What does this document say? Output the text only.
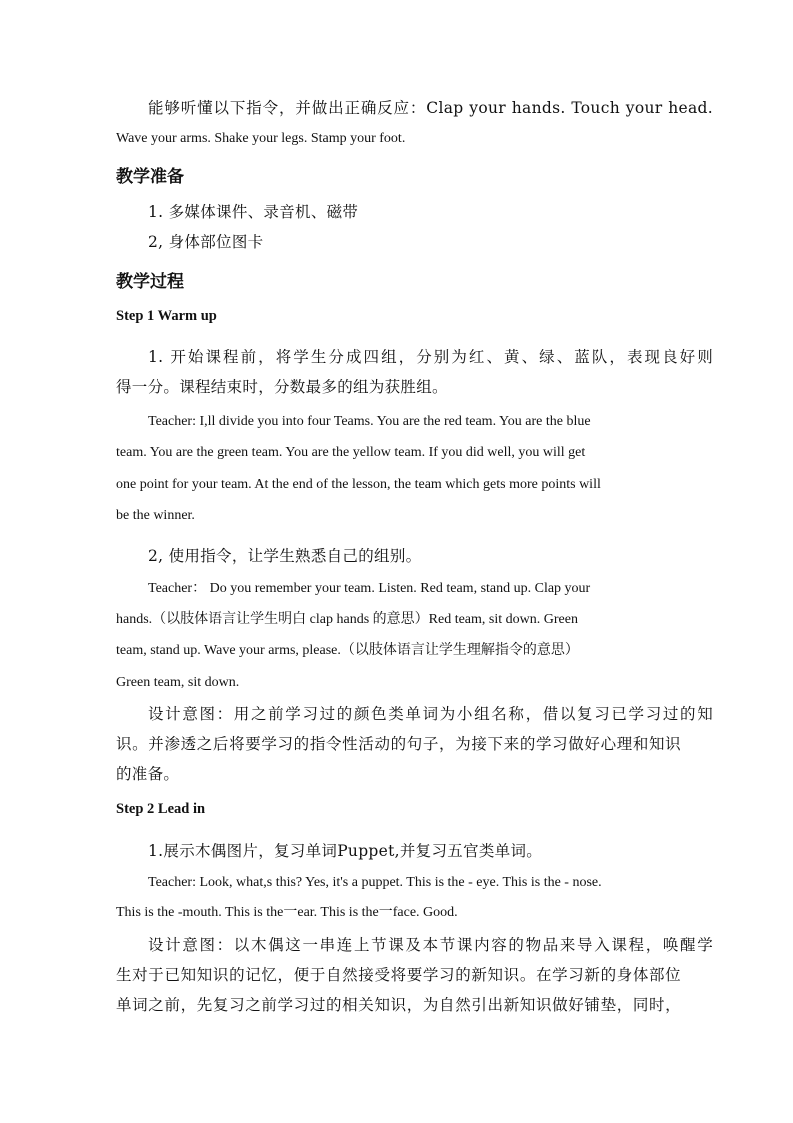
能够听懂以下指令，并做出正确反应：Clap your hands. Touch your head.
Wave your arms. Shake your legs. Stamp your foot.
教学准备
1. 多媒体课件、录音机、磁带
2, 身体部位图卡
教学过程
Step 1 Warm up
1. 开始课程前，将学生分成四组，分别为红、黄、绿、蓝队，表现良好则
得一分。课程结束时，分数最多的组为获胜组。
Teacher: I,ll divide you into four Teams. You are the red team. You are the blue
team. You are the green team. You are the yellow team. If you did well, you will get
one point for your team. At the end of the lesson, the team which gets more points will
be the winner.
2, 使用指令，让学生熟悉自己的组别。
Teacher： Do you remember your team. Listen. Red team, stand up. Clap your
hands.（以肢体语言让学生明白 clap hands 的意思）Red team, sit down. Green
team, stand up. Wave your arms, please.（以肢体语言让学生理解指令的意思）
Green team, sit down.
设计意图：用之前学习过的颜色类单词为小组名称，借以复习已学习过的知
识。并渗透之后将要学习的指令性活动的句子，为接下来的学习做好心理和知识
的准备。
Step 2 Lead in
1.展示木偶图片，复习单词Puppet,并复习五官类单词。
Teacher: Look, what,s this? Yes, it's a puppet. This is the - eye. This is the - nose.
This is the -mouth. This is the一ear. This is the一face. Good.
设计意图：以木偶这一串连上节课及本节课内容的物品来导入课程，唤醒学
生对于已知知识的记忆，便于自然接受将要学习的新知识。在学习新的身体部位
单词之前，先复习之前学习过的相关知识，为自然引出新知识做好铺垫，同时，
